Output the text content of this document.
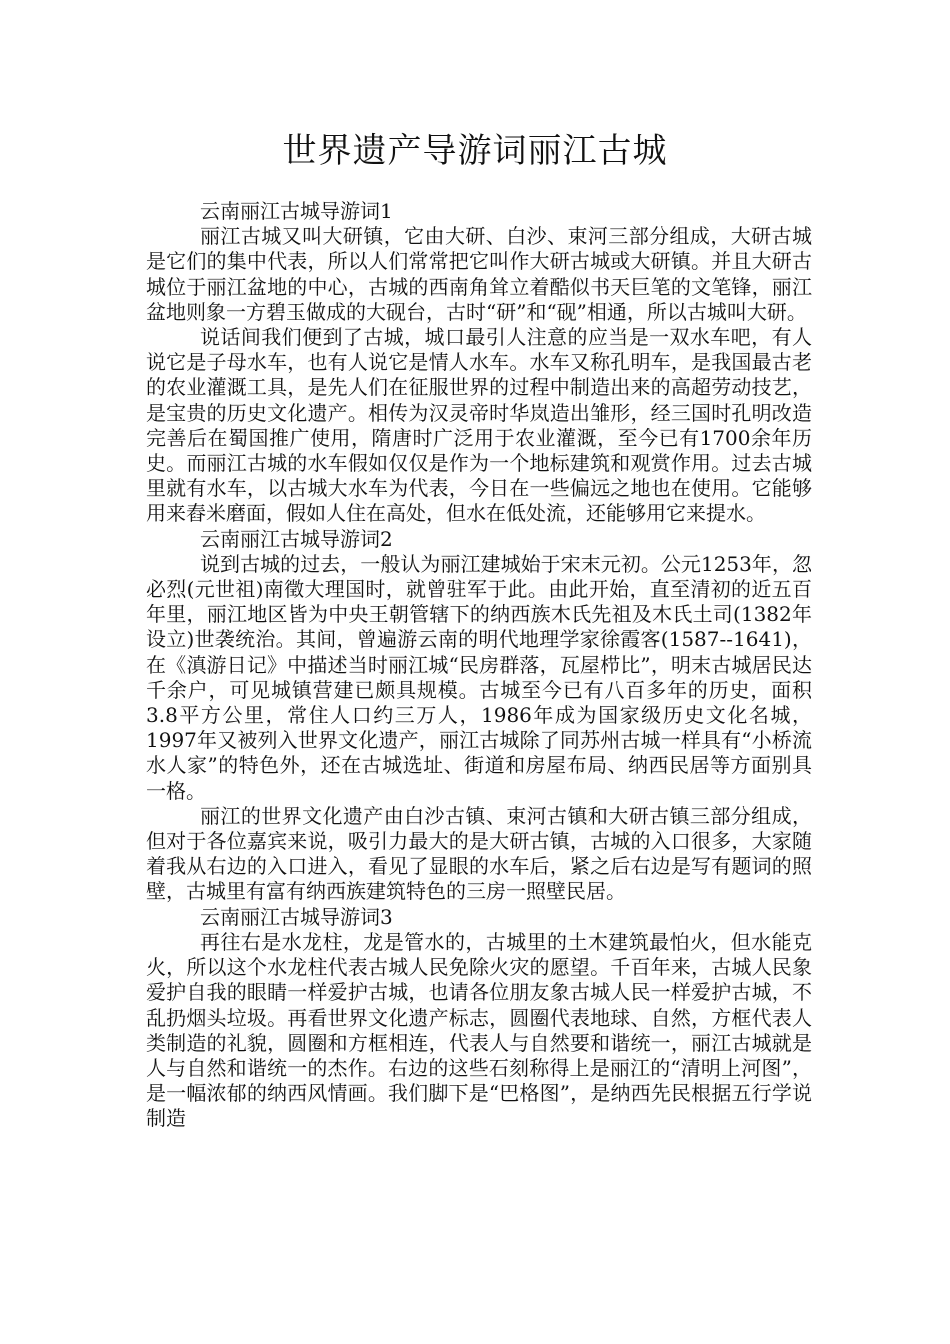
世界遗产导游词丽江古城

云南丽江古城导游词1

丽江古城又叫大研镇，它由大研、白沙、束河三部分组成，大研古城是它们的集中代表，所以人们常常把它叫作大研古城或大研镇。并且大研古城位于丽江盆地的中心，古城的西南角耸立着酷似书天巨笔的文笔锋，丽江盆地则象一方碧玉做成的大砚台，古时“研”和“砚”相通，所以古城叫大研。

说话间我们便到了古城，城口最引人注意的应当是一双水车吧，有人说它是子母水车，也有人说它是情人水车。水车又称孔明车，是我国最古老的农业灌溉工具，是先人们在征服世界的过程中制造出来的高超劳动技艺，是宝贵的历史文化遗产。相传为汉灵帝时华岚造出雏形，经三国时孔明改造完善后在蜀国推广使用，隋唐时广泛用于农业灌溉，至今已有1700余年历史。而丽江古城的水车假如仅仅是作为一个地标建筑和观赏作用。过去古城里就有水车，以古城大水车为代表，今日在一些偏远之地也在使用。它能够用来舂米磨面，假如人住在高处，但水在低处流，还能够用它来提水。

云南丽江古城导游词2

说到古城的过去，一般认为丽江建城始于宋末元初。公元1253年，忽必烈(元世祖)南徵大理国时，就曾驻军于此。由此开始，直至清初的近五百年里，丽江地区皆为中央王朝管辖下的纳西族木氏先祖及木氏土司(1382年设立)世袭统治。其间，曾遍游云南的明代地理学家徐霞客(1587--1641)，在《滇游日记》中描述当时丽江城“民房群落，瓦屋栉比”，明末古城居民达千余户，可见城镇营建已颇具规模。古城至今已有八百多年的历史，面积3.8平方公里，常住人口约三万人，1986年成为国家级历史文化名城，1997年又被列入世界文化遗产，丽江古城除了同苏州古城一样具有“小桥流水人家”的特色外，还在古城选址、街道和房屋布局、纳西民居等方面别具一格。

丽江的世界文化遗产由白沙古镇、束河古镇和大研古镇三部分组成，但对于各位嘉宾来说，吸引力最大的是大研古镇，古城的入口很多，大家随着我从右边的入口进入，看见了显眼的水车后，紧之后右边是写有题词的照壁，古城里有富有纳西族建筑特色的三房一照壁民居。

云南丽江古城导游词3

再往右是水龙柱，龙是管水的，古城里的土木建筑最怕火，但水能克火，所以这个水龙柱代表古城人民免除火灾的愿望。千百年来，古城人民象爱护自我的眼睛一样爱护古城，也请各位朋友象古城人民一样爱护古城，不乱扔烟头垃圾。再看世界文化遗产标志，圆圈代表地球、自然，方框代表人类制造的礼貌，圆圈和方框相连，代表人与自然要和谐统一，丽江古城就是人与自然和谐统一的杰作。右边的这些石刻称得上是丽江的“清明上河图”，是一幅浓郁的纳西风情画。我们脚下是“巴格图”，是纳西先民根据五行学说制造
